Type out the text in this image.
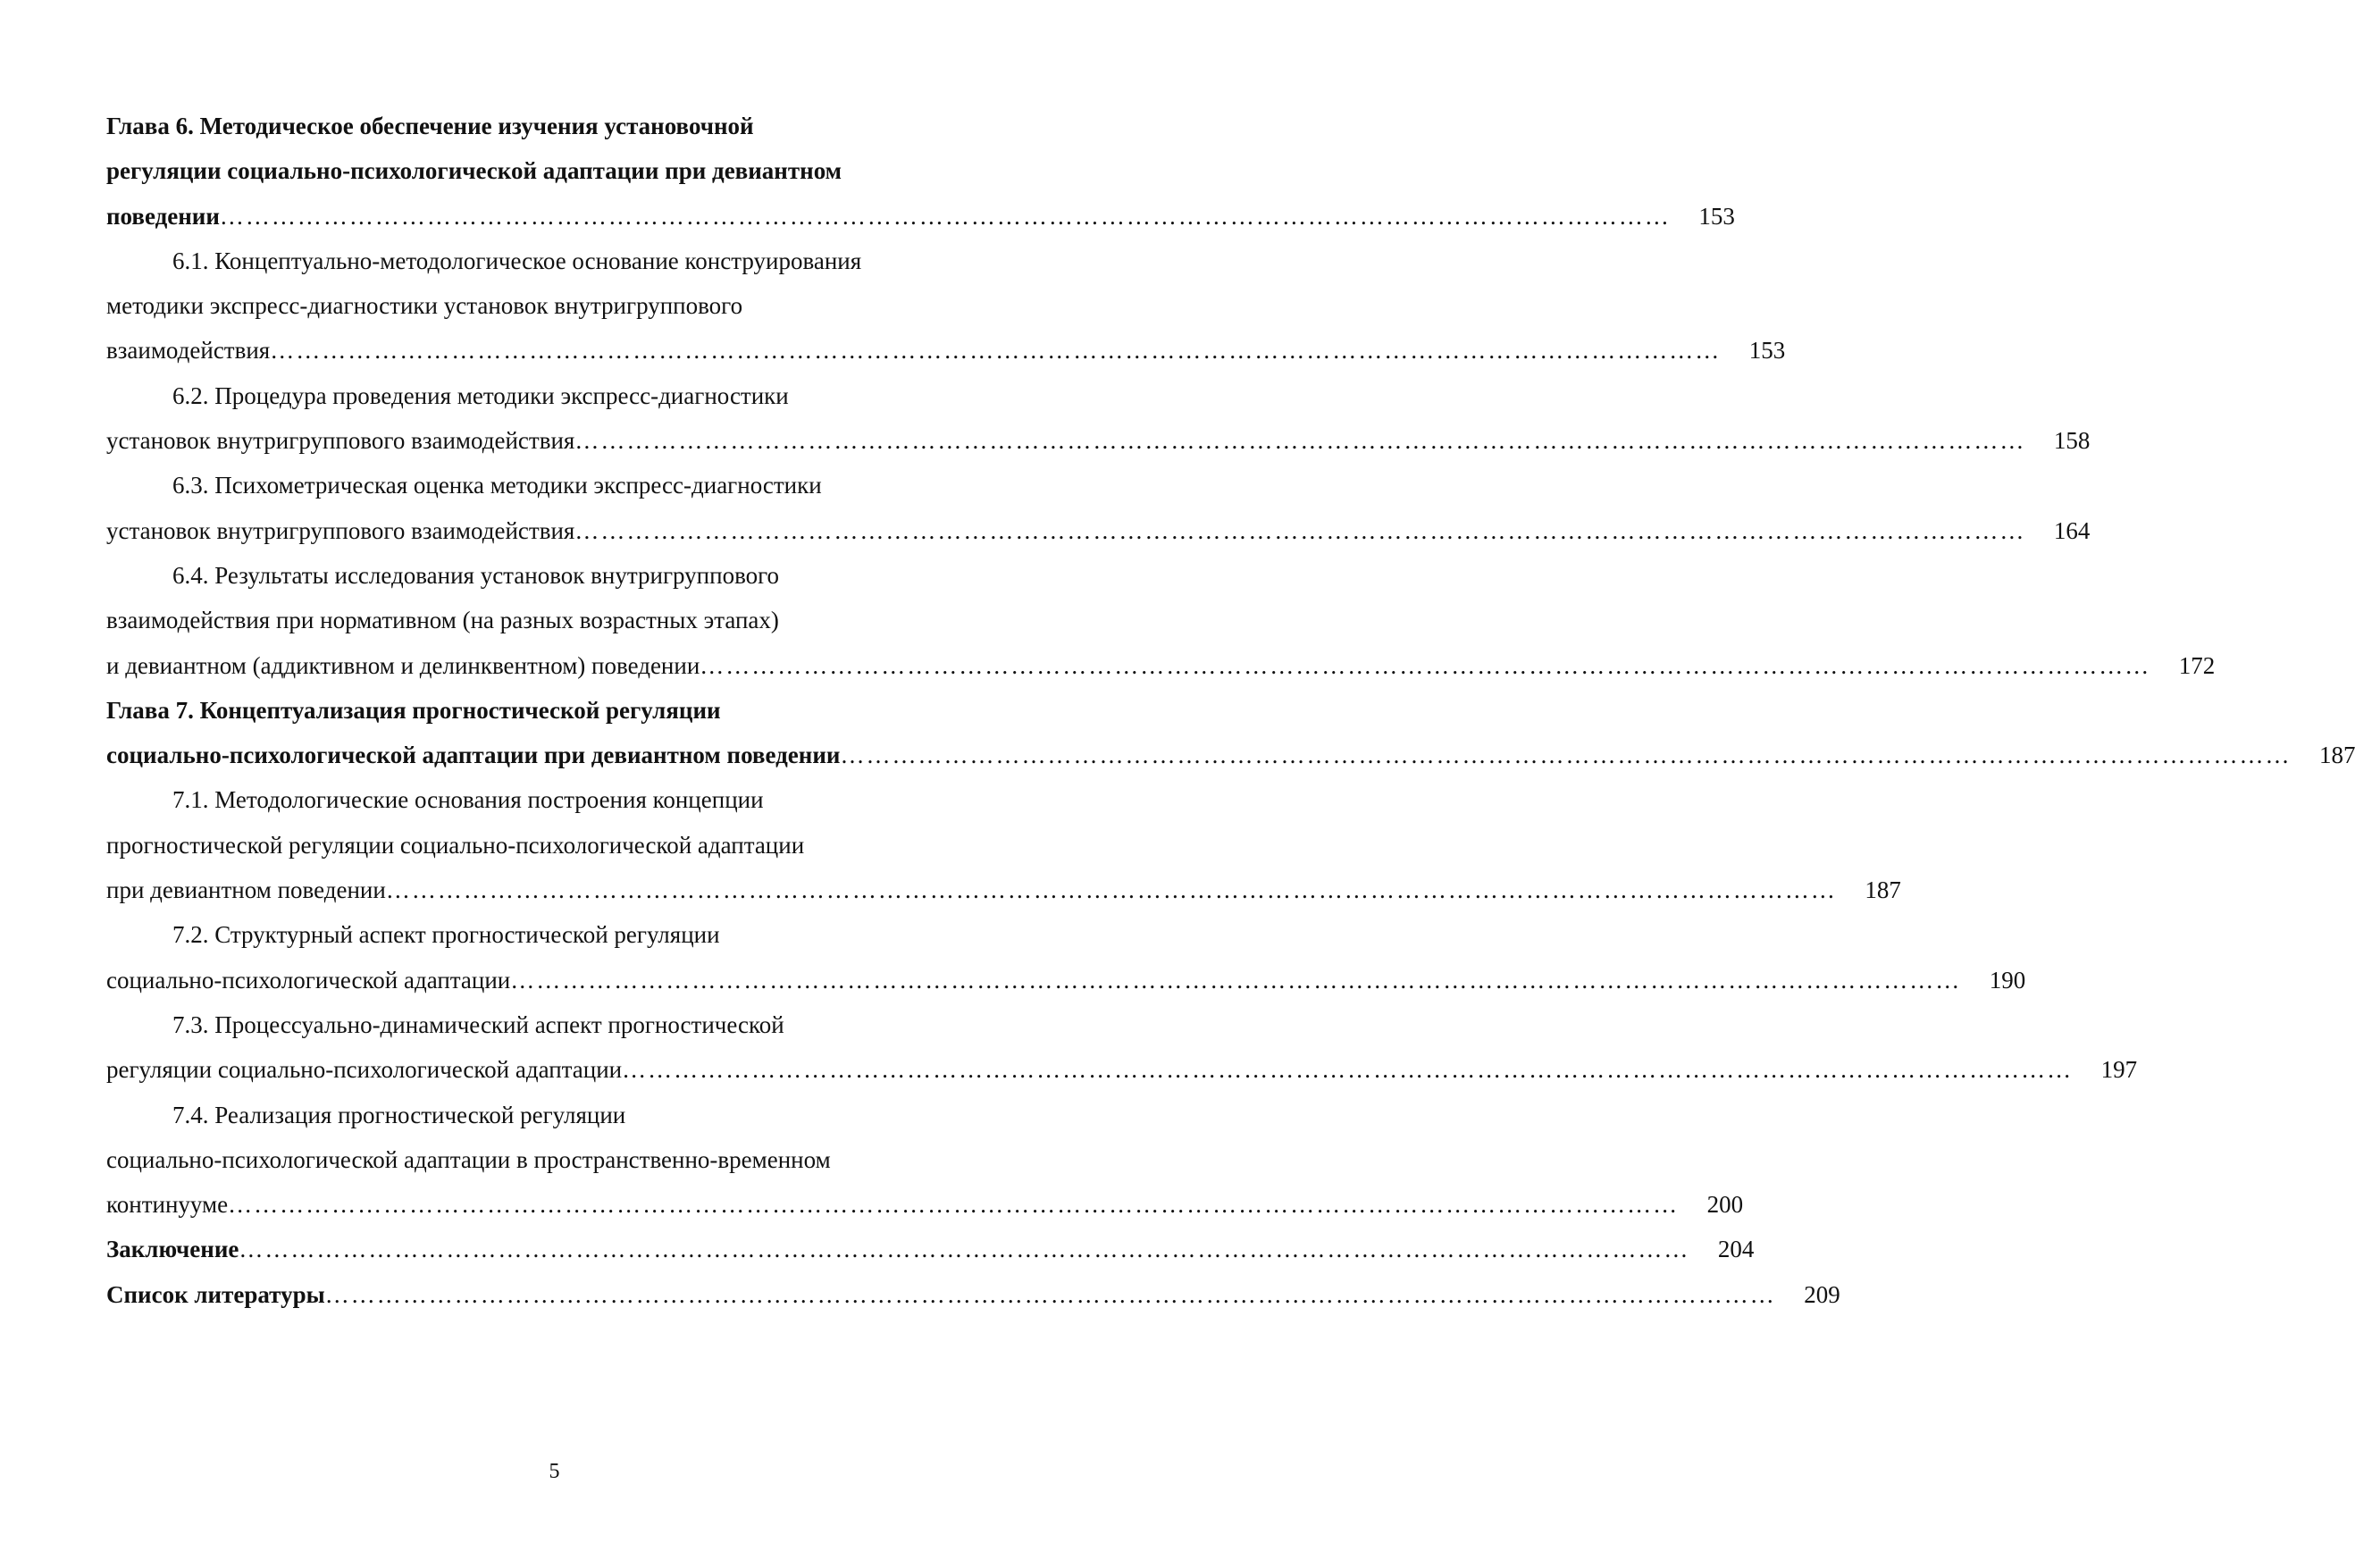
Глава 6. Методическое обеспечение изучения установочной
регуляции социально-психологической адаптации при девиантном
поведении ……………………………………………………………………………………………………………………………………………………	153
6.1. Концептуально-методологическое основание конструирования
методики экспресс-диагностики установок внутригруппового
взаимодействия ……………………………………………………………………………………………………………………………………………………	153
6.2. Процедура проведения методики экспресс-диагностики
установок внутригруппового взаимодействия ……………………………………………………………………………………………………………………………………………………	158
6.3. Психометрическая оценка методики экспресс-диагностики
установок внутригруппового взаимодействия ……………………………………………………………………………………………………………………………………………………	164
6.4. Результаты исследования установок внутригруппового
взаимодействия при нормативном (на разных возрастных этапах)
и девиантном (аддиктивном и делинквентном) поведении ……………………………………………………………………………………………………………………………………………………	172
Глава 7. Концептуализация прогностической регуляции
социально-психологической адаптации при девиантном поведении ……………………………………………………………………………………………………………………………………………………	187
7.1. Методологические основания построения концепции
прогностической регуляции социально-психологической адаптации
при девиантном поведении ……………………………………………………………………………………………………………………………………………………	187
7.2. Структурный аспект прогностической регуляции
социально-психологической адаптации ……………………………………………………………………………………………………………………………………………………	190
7.3. Процессуально-динамический аспект прогностической
регуляции социально-психологической адаптации ……………………………………………………………………………………………………………………………………………………	197
7.4. Реализация прогностической регуляции
социально-психологической адаптации в пространственно-временном
континууме ……………………………………………………………………………………………………………………………………………………	200
Заключение ……………………………………………………………………………………………………………………………………………………	204
Список литературы ……………………………………………………………………………………………………………………………………………………	209
5
